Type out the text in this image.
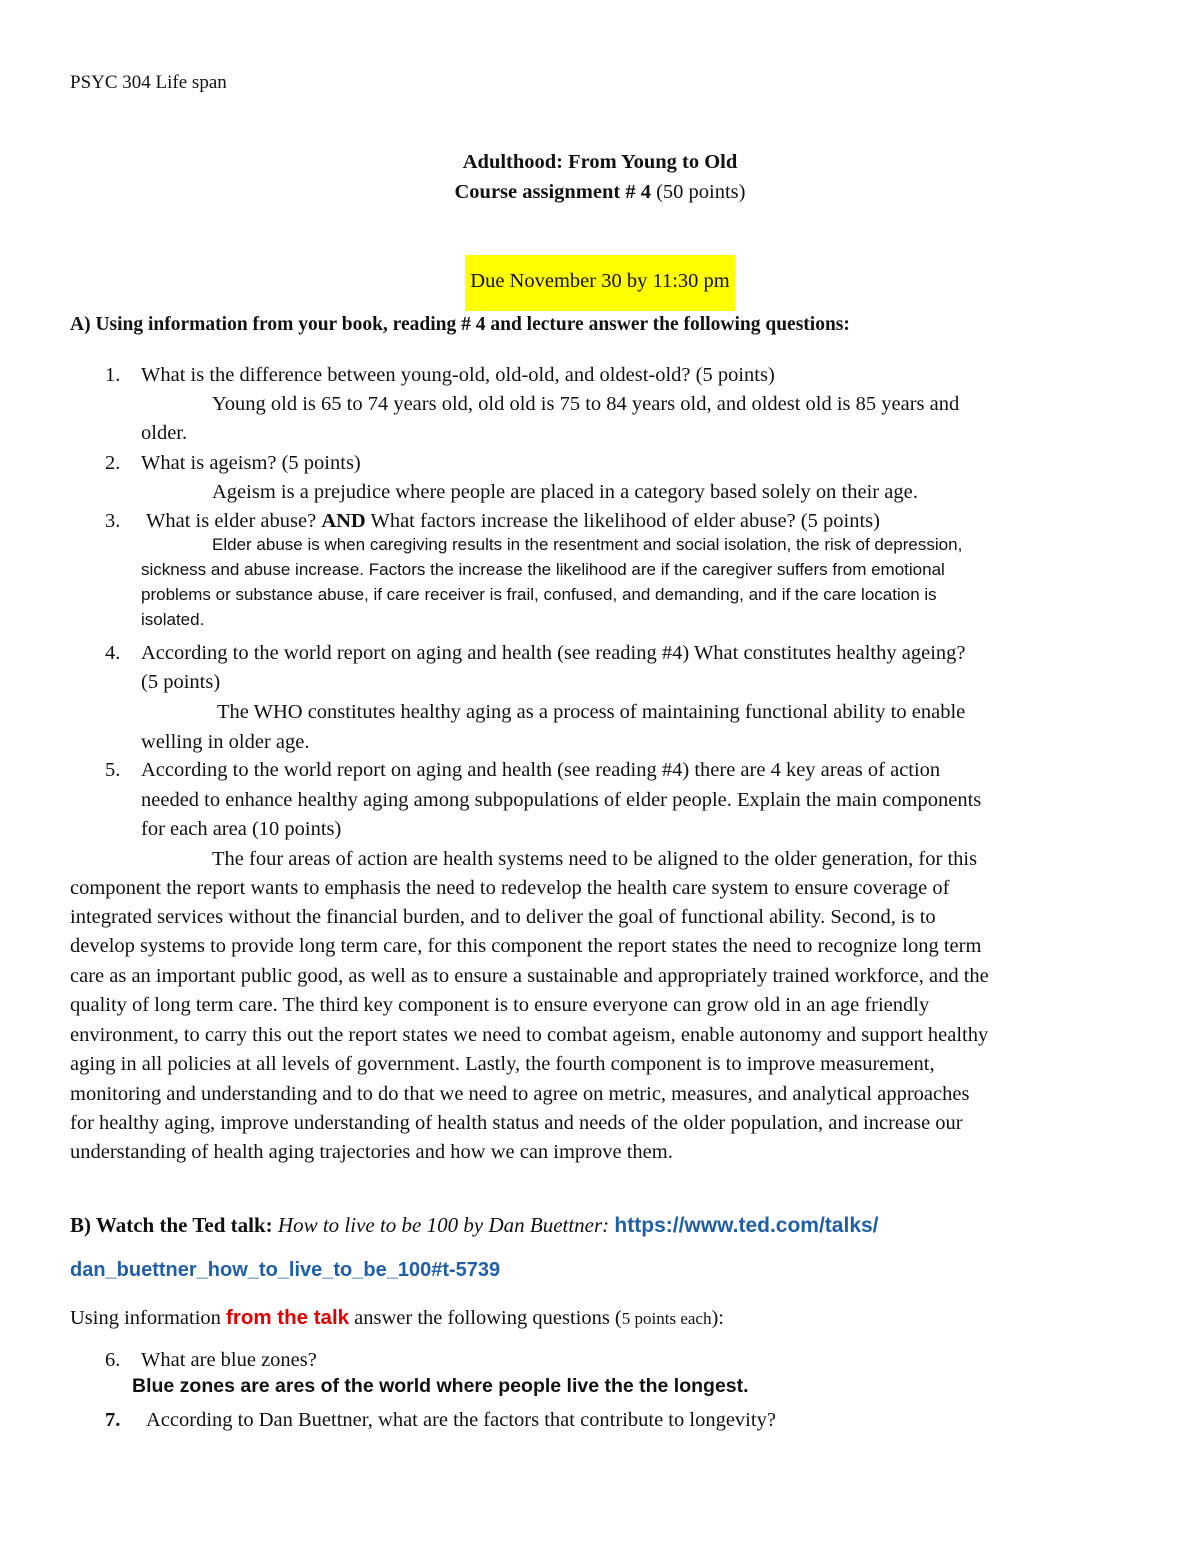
PSYC 304 Life span
Adulthood: From Young to Old
Course assignment # 4 (50 points)
Due November 30 by 11:30 pm
A) Using information from your book, reading # 4 and lecture answer the following questions:
1. What is the difference between young-old, old-old, and oldest-old? (5 points)
Young old is 65 to 74 years old, old old is 75 to 84 years old, and oldest old is 85 years and
older.
2. What is ageism? (5 points)
Ageism is a prejudice where people are placed in a category based solely on their age.
3. What is elder abuse? AND What factors increase the likelihood of elder abuse? (5 points)
Elder abuse is when caregiving results in the resentment and social isolation, the risk of depression,
sickness and abuse increase. Factors the increase the likelihood are if the caregiver suffers from emotional
problems or substance abuse, if care receiver is frail, confused, and demanding, and if the care location is
isolated.
4. According to the world report on aging and health (see reading #4) What constitutes healthy ageing?
(5 points)
The WHO constitutes healthy aging as a process of maintaining functional ability to enable
welling in older age.
5. According to the world report on aging and health (see reading #4) there are 4 key areas of action
needed to enhance healthy aging among subpopulations of elder people. Explain the main components
for each area (10 points)
The four areas of action are health systems need to be aligned to the older generation, for this
component the report wants to emphasis the need to redevelop the health care system to ensure coverage of
integrated services without the financial burden, and to deliver the goal of functional ability. Second, is to
develop systems to provide long term care, for this component the report states the need to recognize long term
care as an important public good, as well as to ensure a sustainable and appropriately trained workforce, and the
quality of long term care. The third key component is to ensure everyone can grow old in an age friendly
environment, to carry this out the report states we need to combat ageism, enable autonomy and support healthy
aging in all policies at all levels of government. Lastly, the fourth component is to improve measurement,
monitoring and understanding and to do that we need to agree on metric, measures, and analytical approaches
for healthy aging, improve understanding of health status and needs of the older population, and increase our
understanding of health aging trajectories and how we can improve them.
B) Watch the Ted talk: How to live to be 100 by Dan Buettner: https://www.ted.com/talks/
dan_buettner_how_to_live_to_be_100#t-5739
Using information from the talk answer the following questions (5 points each):
6. What are blue zones?
Blue zones are ares of the world where people live the the longest.
7. According to Dan Buettner, what are the factors that contribute to longevity?
